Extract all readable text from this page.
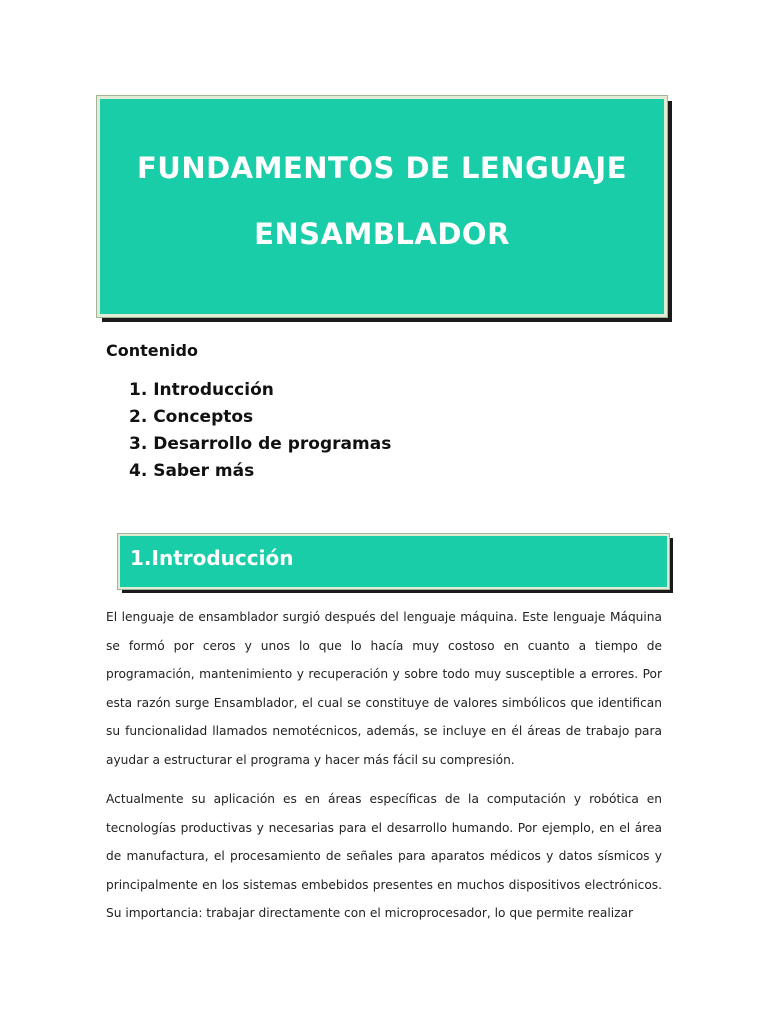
FUNDAMENTOS DE LENGUAJE
ENSAMBLADOR
Contenido
1. Introducción
2. Conceptos
3. Desarrollo de programas
4. Saber más
1.Introducción

El lenguaje de ensamblador surgió después del lenguaje máquina. Este lenguaje Máquina se formó por ceros y unos lo que lo hacía muy costoso en cuanto a tiempo de programación, mantenimiento y recuperación y sobre todo muy susceptible a errores. Por esta razón surge Ensamblador, el cual se constituye de valores simbólicos que identifican su funcionalidad llamados nemotécnicos, además, se incluye en él áreas de trabajo para ayudar a estructurar el programa y hacer más fácil su compresión.

Actualmente su aplicación es en áreas específicas de la computación y robótica en tecnologías productivas y necesarias para el desarrollo humando. Por ejemplo, en el área de manufactura, el procesamiento de señales para aparatos médicos y datos sísmicos y principalmente en los sistemas embebidos presentes en muchos dispositivos electrónicos. Su importancia: trabajar directamente con el microprocesador, lo que permite realizar
